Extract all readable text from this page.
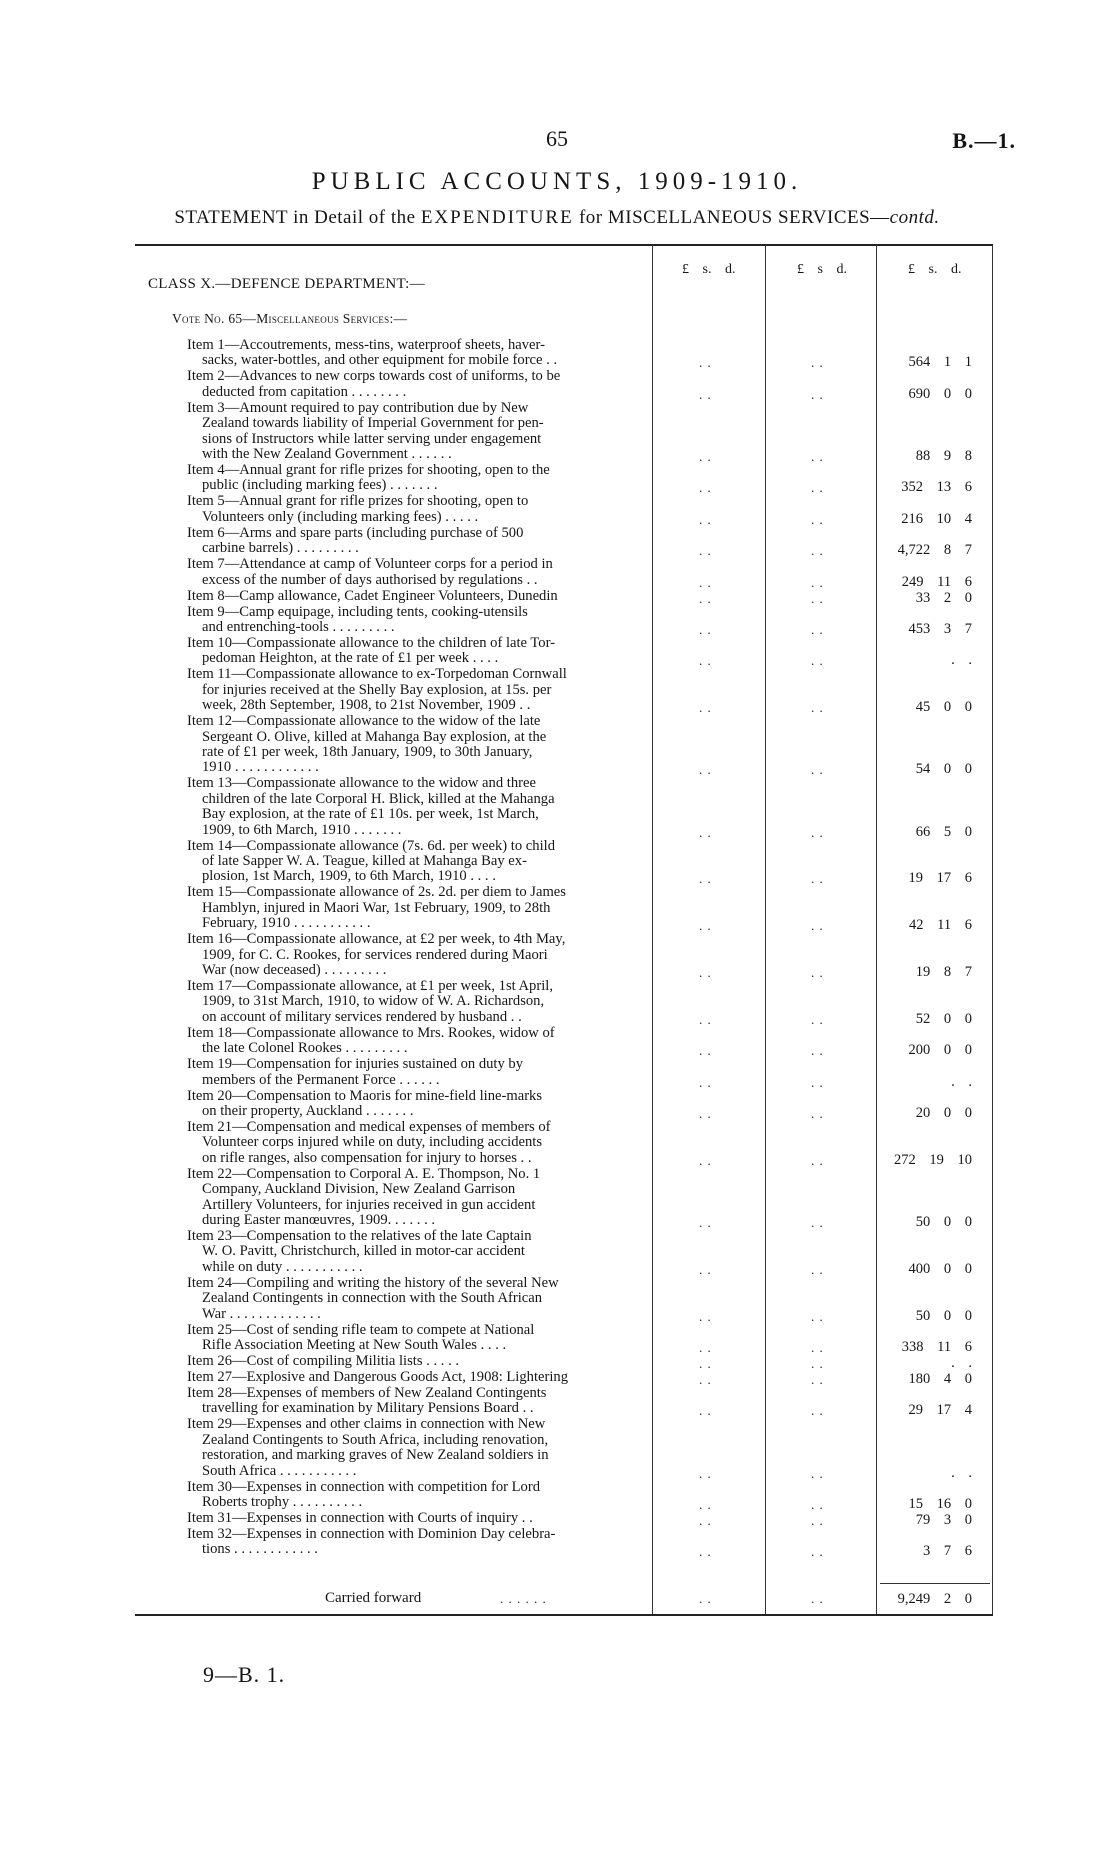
65	B.—1.
PUBLIC ACCOUNTS, 1909-1910.
STATEMENT in Detail of the EXPENDITURE for MISCELLANEOUS SERVICES—contd.
£ s. d.	£ s d.	£ s. d.
CLASS X.—DEFENCE DEPARTMENT:—
Vote No. 65—Miscellaneous Services:—
Item 1—Accoutrements, mess-tins, waterproof sheets, haver-
sacks, water-bottles, and other equipment for mobile force . .	. .	. .	564 1 1
Item 2—Advances to new corps towards cost of uniforms, to be
deducted from capitation . . . . . . . .	. .	. .	690 0 0
Item 3—Amount required to pay contribution due by New
Zealand towards liability of Imperial Government for pen-
sions of Instructors while latter serving under engagement
with the New Zealand Government . . . . . .	. .	. .	88 9 8
Item 4—Annual grant for rifle prizes for shooting, open to the
public (including marking fees) . . . . . . .	. .	. .	352 13 6
Item 5—Annual grant for rifle prizes for shooting, open to
Volunteers only (including marking fees) . . . . .	. .	. .	216 10 4
Item 6—Arms and spare parts (including purchase of 500
carbine barrels) . . . . . . . . .	. .	. .	4,722 8 7
Item 7—Attendance at camp of Volunteer corps for a period in
excess of the number of days authorised by regulations . .	. .	. .	249 11 6
Item 8—Camp allowance, Cadet Engineer Volunteers, Dunedin	. .	. .	33 2 0
Item 9—Camp equipage, including tents, cooking-utensils
and entrenching-tools . . . . . . . . .	. .	. .	453 3 7
Item 10—Compassionate allowance to the children of late Tor-
pedoman Heighton, at the rate of £1 per week . . . .	. .	. .	. .
Item 11—Compassionate allowance to ex-Torpedoman Cornwall
for injuries received at the Shelly Bay explosion, at 15s. per
week, 28th September, 1908, to 21st November, 1909 . .	. .	. .	45 0 0
Item 12—Compassionate allowance to the widow of the late
Sergeant O. Olive, killed at Mahanga Bay explosion, at the
rate of £1 per week, 18th January, 1909, to 30th January,
1910 . . . . . . . . . . . .	. .	. .	54 0 0
Item 13—Compassionate allowance to the widow and three
children of the late Corporal H. Blick, killed at the Mahanga
Bay explosion, at the rate of £1 10s. per week, 1st March,
1909, to 6th March, 1910 . . . . . . .	. .	. .	66 5 0
Item 14—Compassionate allowance (7s. 6d. per week) to child
of late Sapper W. A. Teague, killed at Mahanga Bay ex-
plosion, 1st March, 1909, to 6th March, 1910 . . . .	. .	. .	19 17 6
Item 15—Compassionate allowance of 2s. 2d. per diem to James
Hamblyn, injured in Maori War, 1st February, 1909, to 28th
February, 1910 . . . . . . . . . . .	. .	. .	42 11 6
Item 16—Compassionate allowance, at £2 per week, to 4th May,
1909, for C. C. Rookes, for services rendered during Maori
War (now deceased) . . . . . . . . .	. .	. .	19 8 7
Item 17—Compassionate allowance, at £1 per week, 1st April,
1909, to 31st March, 1910, to widow of W. A. Richardson,
on account of military services rendered by husband . .	. .	. .	52 0 0
Item 18—Compassionate allowance to Mrs. Rookes, widow of
the late Colonel Rookes . . . . . . . . .	. .	. .	200 0 0
Item 19—Compensation for injuries sustained on duty by
members of the Permanent Force . . . . . .	. .	. .	. .
Item 20—Compensation to Maoris for mine-field line-marks
on their property, Auckland . . . . . . .	. .	. .	20 0 0
Item 21—Compensation and medical expenses of members of
Volunteer corps injured while on duty, including accidents
on rifle ranges, also compensation for injury to horses . .	. .	. .	272 19 10
Item 22—Compensation to Corporal A. E. Thompson, No. 1
Company, Auckland Division, New Zealand Garrison
Artillery Volunteers, for injuries received in gun accident
during Easter manœuvres, 1909. . . . . . .	. .	. .	50 0 0
Item 23—Compensation to the relatives of the late Captain
W. O. Pavitt, Christchurch, killed in motor-car accident
while on duty . . . . . . . . . . .	. .	. .	400 0 0
Item 24—Compiling and writing the history of the several New
Zealand Contingents in connection with the South African
War . . . . . . . . . . . . .	. .	. .	50 0 0
Item 25—Cost of sending rifle team to compete at National
Rifle Association Meeting at New South Wales . . . .	. .	. .	338 11 6
Item 26—Cost of compiling Militia lists . . . . .	. .	. .	. .
Item 27—Explosive and Dangerous Goods Act, 1908: Lightering	. .	. .	180 4 0
Item 28—Expenses of members of New Zealand Contingents
travelling for examination by Military Pensions Board . .	. .	. .	29 17 4
Item 29—Expenses and other claims in connection with New
Zealand Contingents to South Africa, including renovation,
restoration, and marking graves of New Zealand soldiers in
South Africa . . . . . . . . . . .	. .	. .	. .
Item 30—Expenses in connection with competition for Lord
Roberts trophy . . . . . . . . . .	. .	. .	15 16 0
Item 31—Expenses in connection with Courts of inquiry . .	. .	. .	79 3 0
Item 32—Expenses in connection with Dominion Day celebra-
tions . . . . . . . . . . . .	. .	. .	3 7 6
Carried forward	. . . . . .	. .	. .	9,249 2 0
9—B. 1.
